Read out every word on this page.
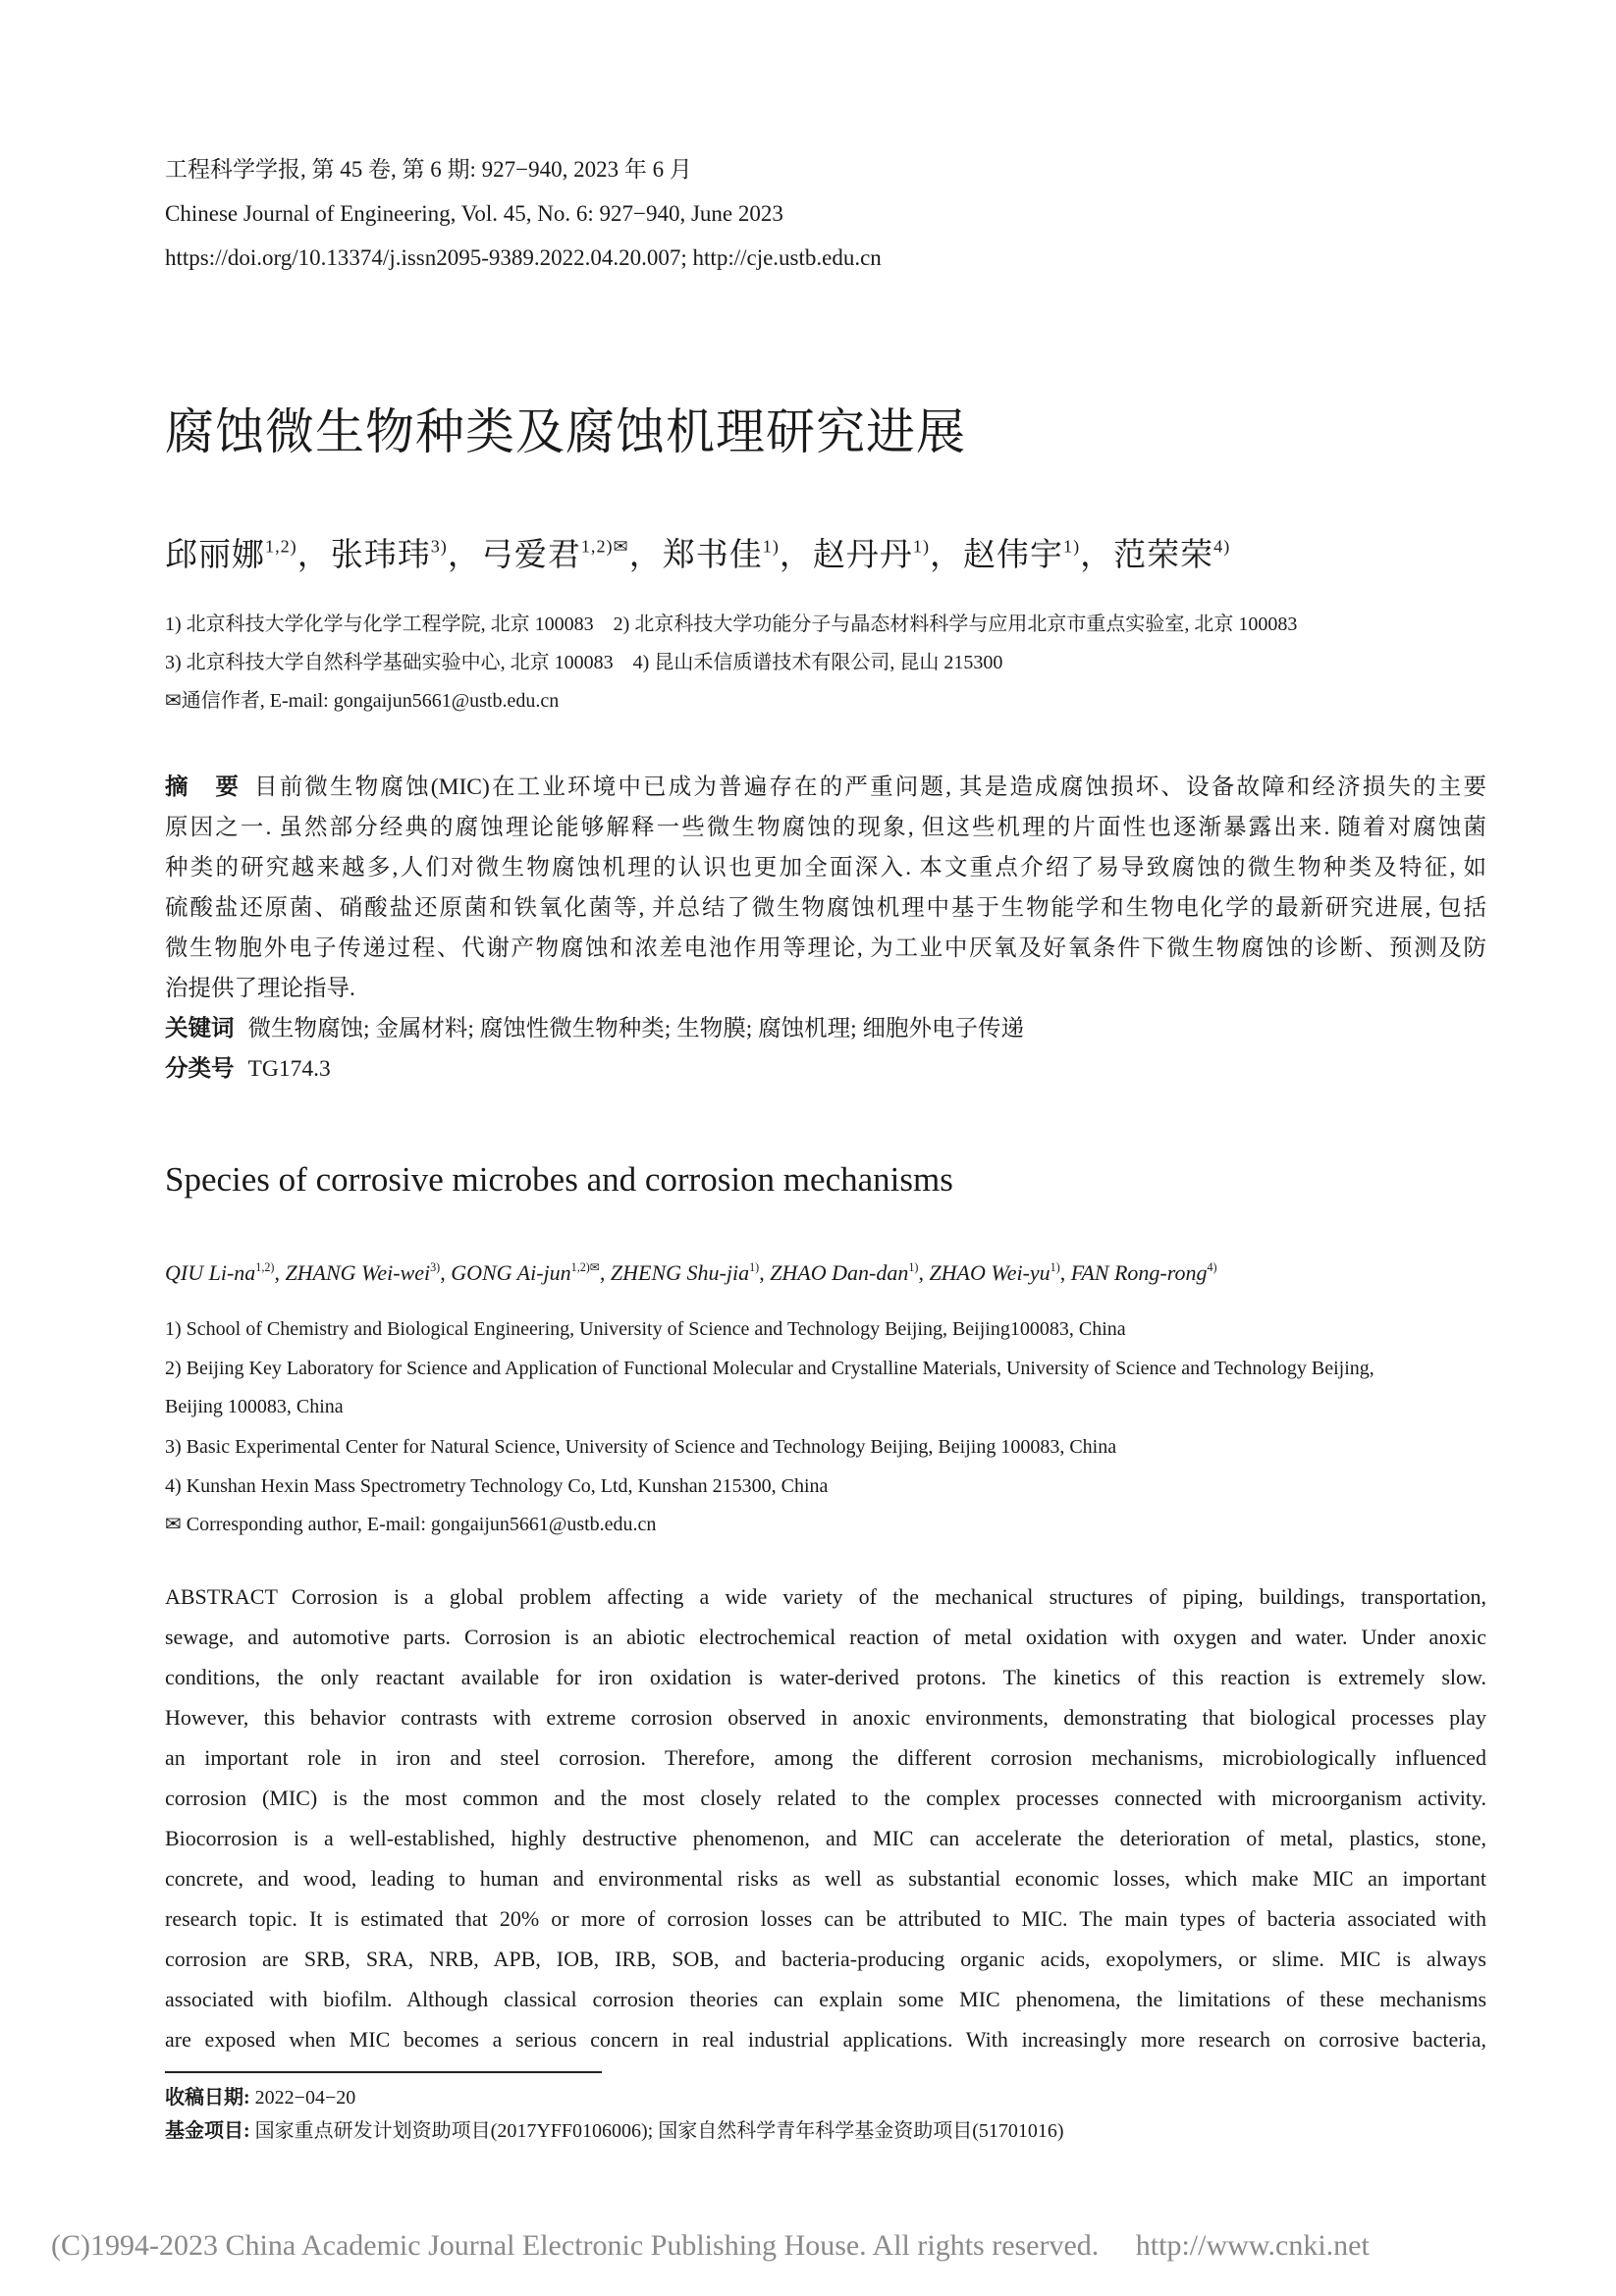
工程科学学报, 第 45 卷, 第 6 期: 927−940, 2023 年 6 月
Chinese Journal of Engineering, Vol. 45, No. 6: 927−940, June 2023
https://doi.org/10.13374/j.issn2095-9389.2022.04.20.007; http://cje.ustb.edu.cn
腐蚀微生物种类及腐蚀机理研究进展
邱丽娜$^{1,2)}$，张玮玮$^{3)}$，弓爱君$^{1,2)✉}$，郑书佳$^{1)}$，赵丹丹$^{1)}$，赵伟宇$^{1)}$，范荣荣$^{4)}$
1) 北京科技大学化学与化学工程学院, 北京 100083　2) 北京科技大学功能分子与晶态材料科学与应用北京市重点实验室, 北京 100083
3) 北京科技大学自然科学基础实验中心, 北京 100083　4) 昆山禾信质谱技术有限公司, 昆山 215300
✉通信作者, E-mail: gongaijun5661@ustb.edu.cn
摘　要 目前微生物腐蚀(MIC)在工业环境中已成为普遍存在的严重问题, 其是造成腐蚀损坏、设备故障和经济损失的主要
原因之一. 虽然部分经典的腐蚀理论能够解释一些微生物腐蚀的现象, 但这些机理的片面性也逐渐暴露出来. 随着对腐蚀菌
种类的研究越来越多,人们对微生物腐蚀机理的认识也更加全面深入. 本文重点介绍了易导致腐蚀的微生物种类及特征, 如
硫酸盐还原菌、硝酸盐还原菌和铁氧化菌等, 并总结了微生物腐蚀机理中基于生物能学和生物电化学的最新研究进展, 包括
微生物胞外电子传递过程、代谢产物腐蚀和浓差电池作用等理论, 为工业中厌氧及好氧条件下微生物腐蚀的诊断、预测及防
治提供了理论指导.
关键词 微生物腐蚀; 金属材料; 腐蚀性微生物种类; 生物膜; 腐蚀机理; 细胞外电子传递
分类号 TG174.3
Species of corrosive microbes and corrosion mechanisms
QIU Li-na$^{1,2)}$, ZHANG Wei-wei$^{3)}$, GONG Ai-jun$^{1,2)✉}$, ZHENG Shu-jia$^{1)}$, ZHAO Dan-dan$^{1)}$, ZHAO Wei-$yu^{1)}$, FAN Rong-rong$^{4)}$
1) School of Chemistry and Biological Engineering, University of Science and Technology Beijing, Beijing100083, China
2) Beijing Key Laboratory for Science and Application of Functional Molecular and Crystalline Materials, University of Science and Technology Beijing,
Beijing 100083, China
3) Basic Experimental Center for Natural Science, University of Science and Technology Beijing, Beijing 100083, China
4) Kunshan Hexin Mass Spectrometry Technology Co, Ltd, Kunshan 215300, China
✉ Corresponding author, E-mail: gongaijun5661@ustb.edu.cn
ABSTRACT Corrosion is a global problem affecting a wide variety of the mechanical structures of piping, buildings, transportation,
sewage, and automotive parts. Corrosion is an abiotic electrochemical reaction of metal oxidation with oxygen and water. Under anoxic
conditions, the only reactant available for iron oxidation is water-derived protons. The kinetics of this reaction is extremely slow.
However, this behavior contrasts with extreme corrosion observed in anoxic environments, demonstrating that biological processes play
an important role in iron and steel corrosion. Therefore, among the different corrosion mechanisms, microbiologically influenced
corrosion (MIC) is the most common and the most closely related to the complex processes connected with microorganism activity.
Biocorrosion is a well-established, highly destructive phenomenon, and MIC can accelerate the deterioration of metal, plastics, stone,
concrete, and wood, leading to human and environmental risks as well as substantial economic losses, which make MIC an important
research topic. It is estimated that 20% or more of corrosion losses can be attributed to MIC. The main types of bacteria associated with
corrosion are SRB, SRA, NRB, APB, IOB, IRB, SOB, and bacteria-producing organic acids, exopolymers, or slime. MIC is always
associated with biofilm. Although classical corrosion theories can explain some MIC phenomena, the limitations of these mechanisms
are exposed when MIC becomes a serious concern in real industrial applications. With increasingly more research on corrosive bacteria,
收稿日期: 2022−04−20
基金项目: 国家重点研发计划资助项目(2017YFF0106006); 国家自然科学青年科学基金资助项目(51701016)
(C)1994-2023 China Academic Journal Electronic Publishing House. All rights reserved.　 http://www.cnki.net
